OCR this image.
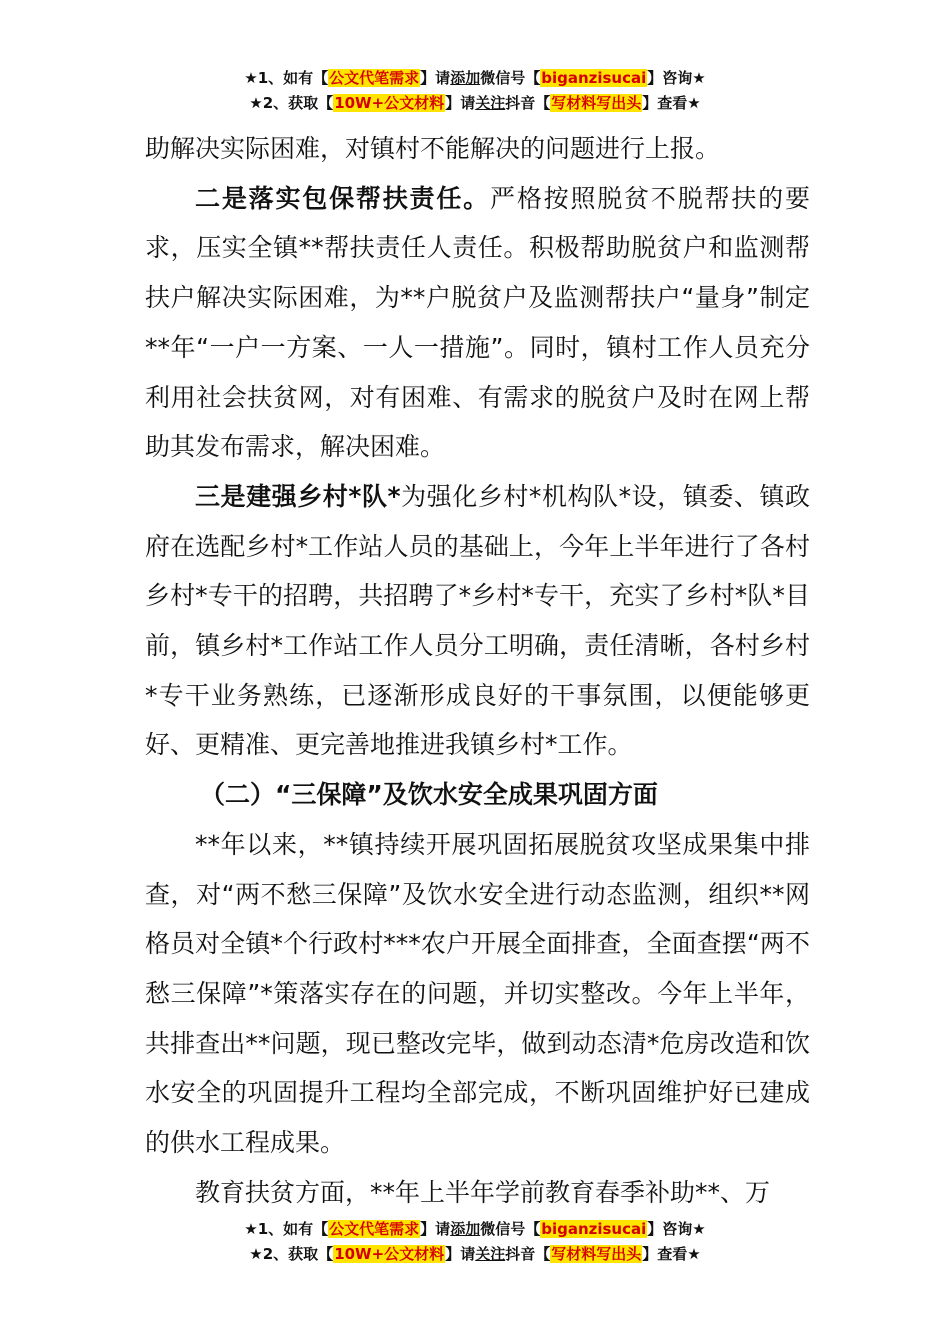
★1、如有【公文代笔需求】请添加微信号【biganzisucai】咨询★
★2、获取【10W+公文材料】请关注抖音【写材料写出头】查看★

助解决实际困难，对镇村不能解决的问题进行上报。

二是落实包保帮扶责任。严格按照脱贫不脱帮扶的要求，压实全镇**帮扶责任人责任。积极帮助脱贫户和监测帮扶户解决实际困难，为**户脱贫户及监测帮扶户“量身”制定**年“一户一方案、一人一措施”。同时，镇村工作人员充分利用社会扶贫网，对有困难、有需求的脱贫户及时在网上帮助其发布需求，解决困难。

三是建强乡村*队*为强化乡村*机构队*设，镇委、镇政府在选配乡村*工作站人员的基础上，今年上半年进行了各村乡村*专干的招聘，共招聘了*乡村*专干，充实了乡村*队*目前，镇乡村*工作站工作人员分工明确，责任清晰，各村乡村*专干业务熟练，已逐渐形成良好的干事氛围，以便能够更好、更精准、更完善地推进我镇乡村*工作。

（二）“三保障”及饮水安全成果巩固方面

**年以来，**镇持续开展巩固拓展脱贫攻坚成果集中排查，对“两不愁三保障”及饮水安全进行动态监测，组织**网格员对全镇*个行政村***农户开展全面排查，全面查摆“两不愁三保障”*策落实存在的问题，并切实整改。今年上半年，共排查出**问题，现已整改完毕，做到动态清*危房改造和饮水安全的巩固提升工程均全部完成，不断巩固维护好已建成的供水工程成果。

教育扶贫方面，**年上半年学前教育春季补助**、万

★1、如有【公文代笔需求】请添加微信号【biganzisucai】咨询★
★2、获取【10W+公文材料】请关注抖音【写材料写出头】查看★
